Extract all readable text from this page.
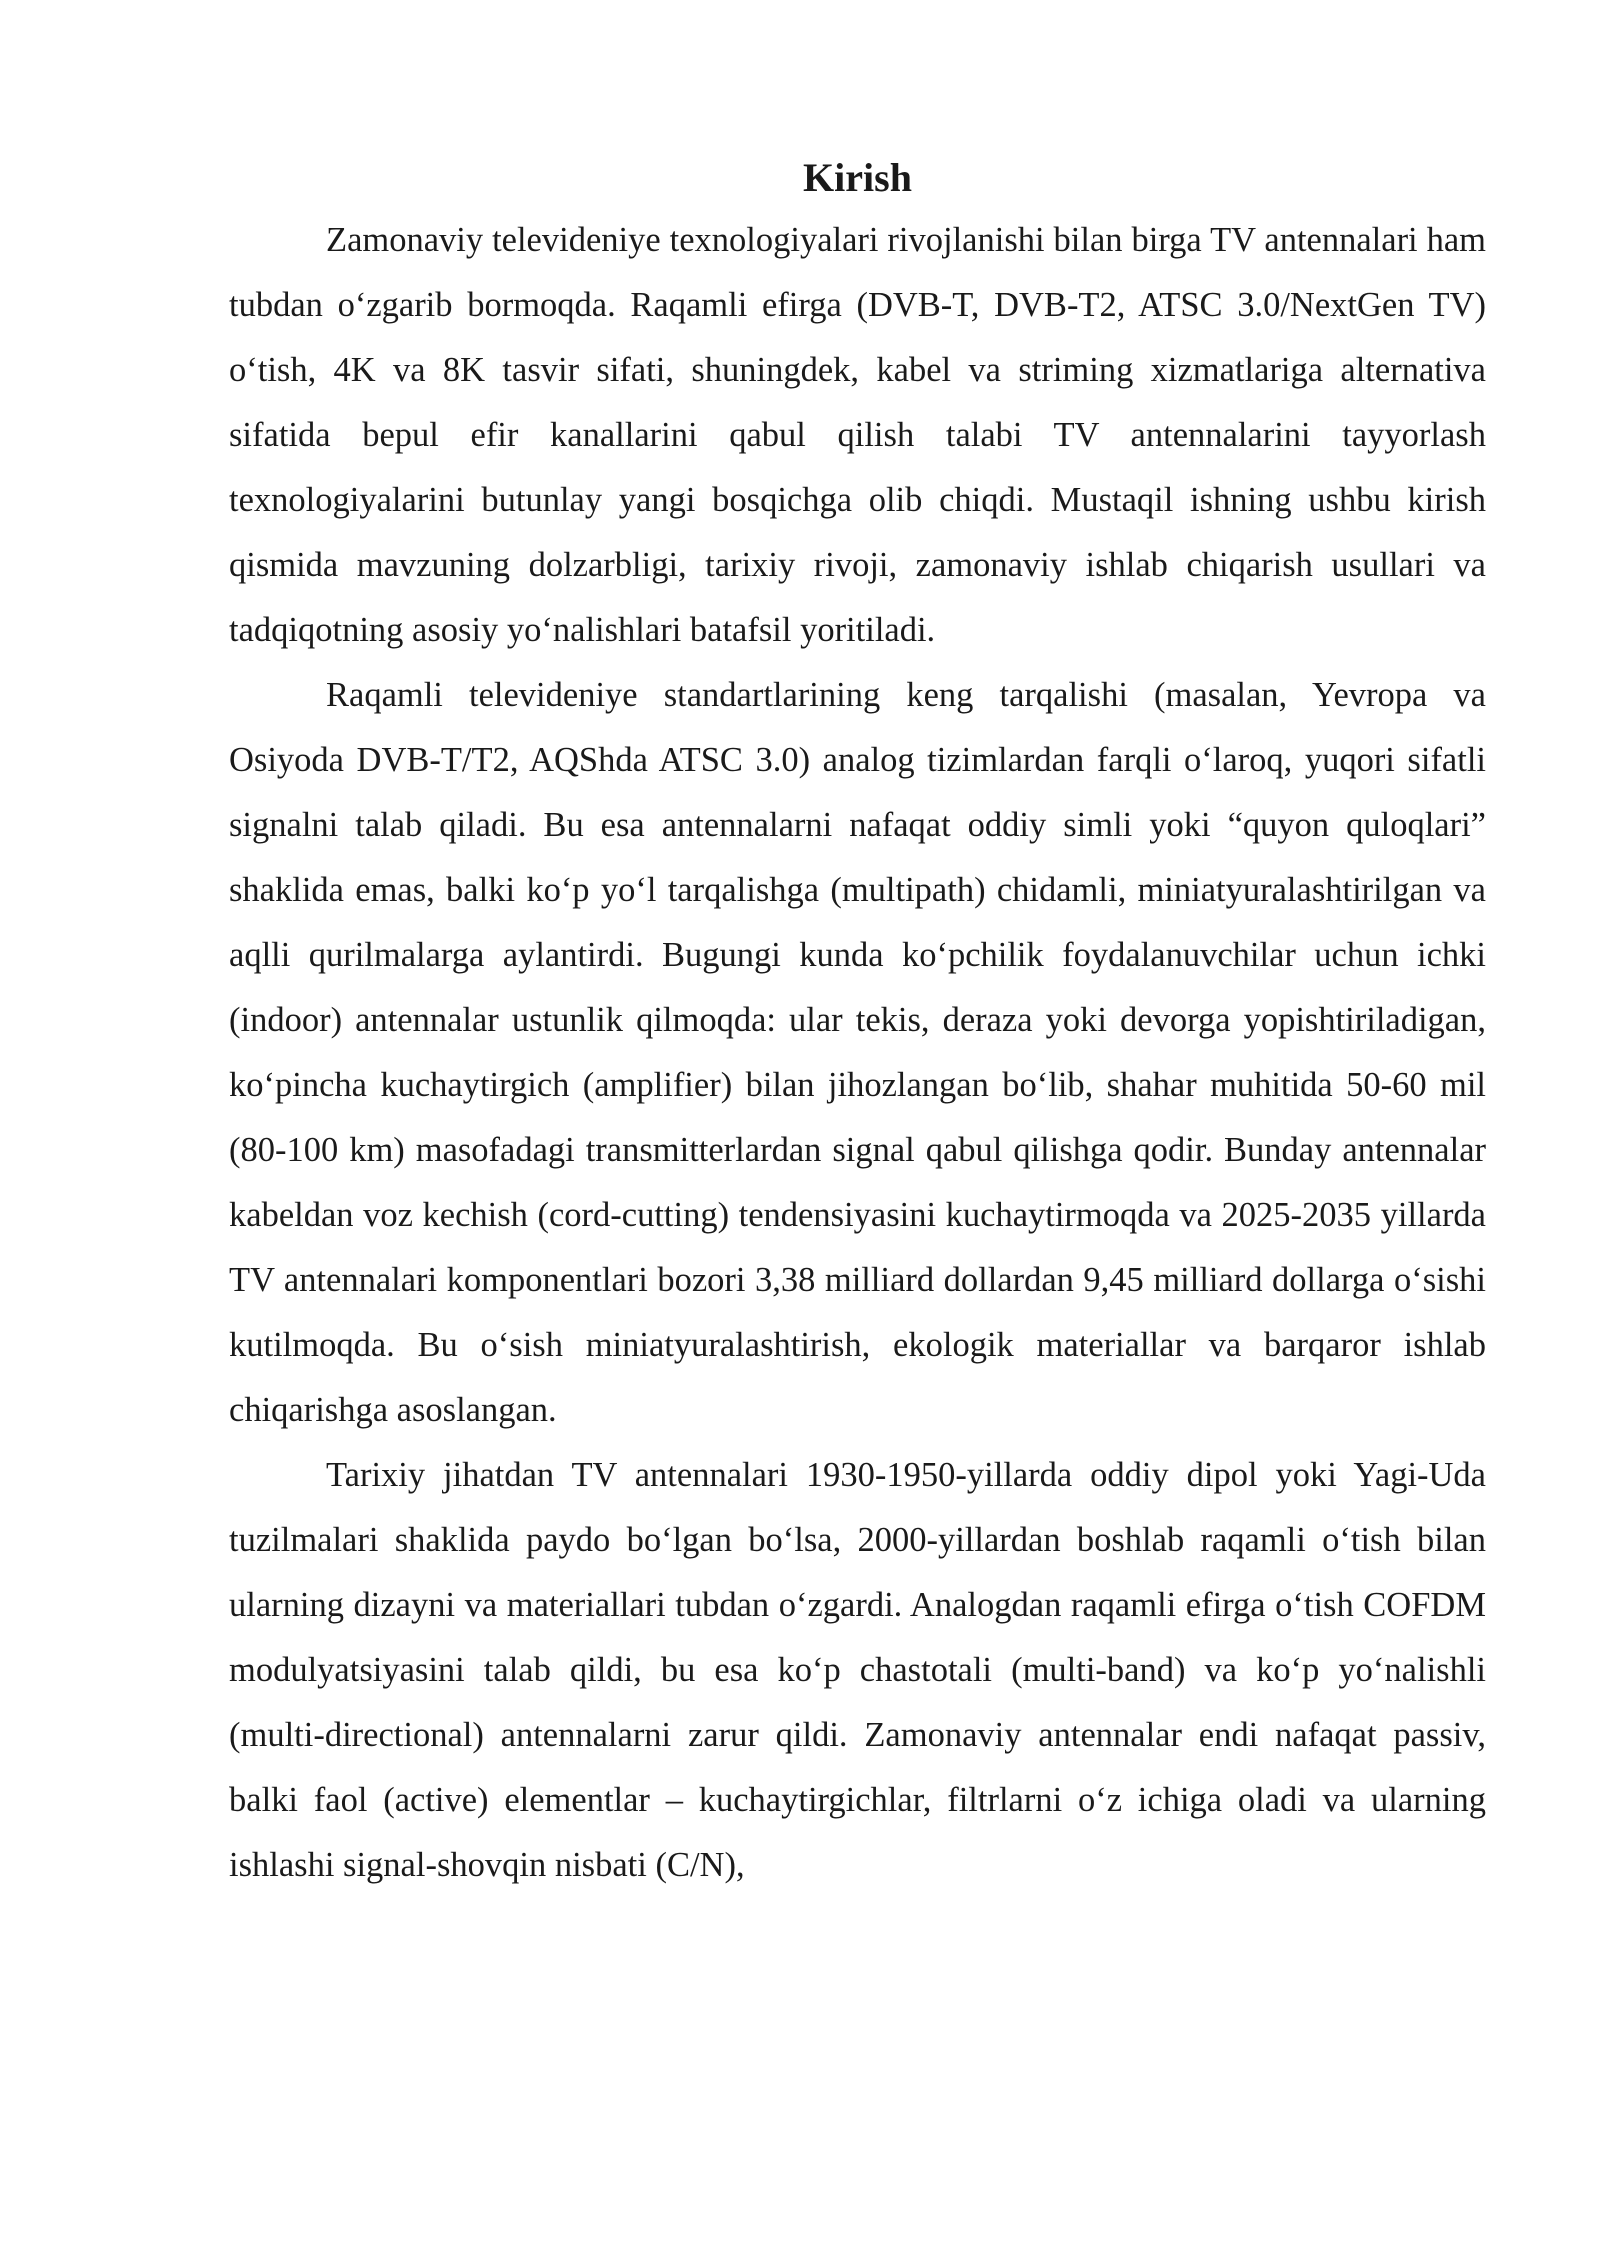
Kirish

Zamonaviy televideniye texnologiyalari rivojlanishi bilan birga TV antennalari ham tubdan o‘zgarib bormoqda. Raqamli efirga (DVB-T, DVB-T2, ATSC 3.0/NextGen TV) o‘tish, 4K va 8K tasvir sifati, shuningdek, kabel va striming xizmatlariga alternativa sifatida bepul efir kanallarini qabul qilish talabi TV antennalarini tayyorlash texnologiyalarini butunlay yangi bosqichga olib chiqdi. Mustaqil ishning ushbu kirish qismida mavzuning dolzarbligi, tarixiy rivoji, zamonaviy ishlab chiqarish usullari va tadqiqotning asosiy yo‘nalishlari batafsil yoritiladi.

Raqamli televideniye standartlarining keng tarqalishi (masalan, Yevropa va Osiyoda DVB-T/T2, AQShda ATSC 3.0) analog tizimlardan farqli o‘laroq, yuqori sifatli signalni talab qiladi. Bu esa antennalarni nafaqat oddiy simli yoki “quyon quloqlari” shaklida emas, balki ko‘p yo‘l tarqalishga (multipath) chidamli, miniatyuralashtirilgan va aqlli qurilmalarga aylantirdi. Bugungi kunda ko‘pchilik foydalanuvchilar uchun ichki (indoor) antennalar ustunlik qilmoqda: ular tekis, deraza yoki devorga yopishtiriladigan, ko‘pincha kuchaytirgich (amplifier) bilan jihozlangan bo‘lib, shahar muhitida 50-60 mil (80-100 km) masofadagi transmitterlardan signal qabul qilishga qodir. Bunday antennalar kabeldan voz kechish (cord-cutting) tendensiyasini kuchaytirmoqda va 2025-2035 yillarda TV antennalari komponentlari bozori 3,38 milliard dollardan 9,45 milliard dollarga o‘sishi kutilmoqda. Bu o‘sish miniatyuralashtirish, ekologik materiallar va barqaror ishlab chiqarishga asoslangan.

Tarixiy jihatdan TV antennalari 1930-1950-yillarda oddiy dipol yoki Yagi-Uda tuzilmalari shaklida paydo bo‘lgan bo‘lsa, 2000-yillardan boshlab raqamli o‘tish bilan ularning dizayni va materiallari tubdan o‘zgardi. Analogdan raqamli efirga o‘tish COFDM modulyatsiyasini talab qildi, bu esa ko‘p chastotali (multi-band) va ko‘p yo‘nalishli (multi-directional) antennalarni zarur qildi. Zamonaviy antennalar endi nafaqat passiv, balki faol (active) elementlar – kuchaytirgichlar, filtrlarni o‘z ichiga oladi va ularning ishlashi signal-shovqin nisbati (C/N),
